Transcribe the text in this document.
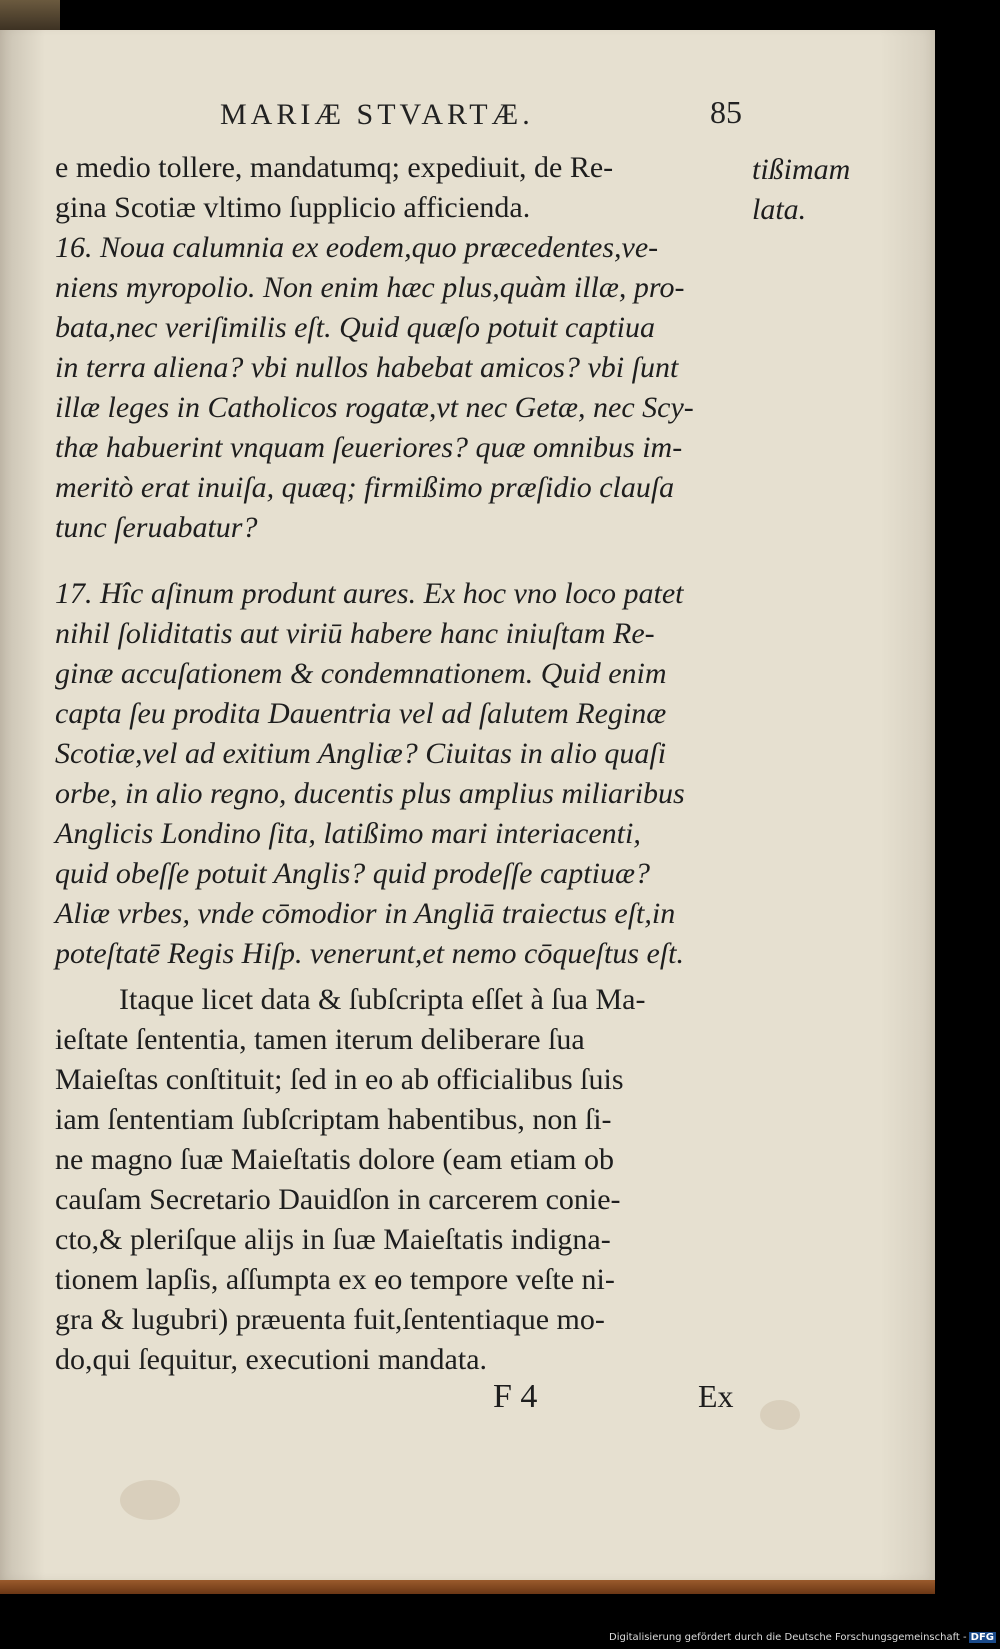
MARIÆ STVARTÆ.	85
tißimam
lata.
e medio tollere, mandatumq; expediuit, de Re-
gina Scotiæ vltimo ſupplicio afficienda.
16. Noua calumnia ex eodem,quo præcedentes,ve-
niens myropolio. Non enim hæc plus,quàm illæ, pro-
bata,nec veriſimilis eſt. Quid quæſo potuit captiua
in terra aliena? vbi nullos habebat amicos? vbi ſunt
illæ leges in Catholicos rogatæ,vt nec Getæ, nec Scy-
thæ habuerint vnquam ſeueriores? quæ omnibus im-
meritò erat inuiſa, quæq; firmißimo præſidio clauſa
tunc ſeruabatur?
17. Hîc aſinum produnt aures. Ex hoc vno loco patet
nihil ſoliditatis aut viriū habere hanc iniuſtam Re-
ginæ accuſationem & condemnationem. Quid enim
capta ſeu prodita Dauentria vel ad ſalutem Reginæ
Scotiæ,vel ad exitium Angliæ? Ciuitas in alio quaſi
orbe, in alio regno, ducentis plus amplius miliaribus
Anglicis Londino ſita, latißimo mari interiacenti,
quid obeſſe potuit Anglis? quid prodeſſe captiuæ?
Aliæ vrbes, vnde cōmodior in Angliā traiectus eſt,in
poteſtatē Regis Hiſp. venerunt,et nemo cōqueſtus eſt.
Itaque licet data & ſubſcripta eſſet à ſua Ma-
ieſtate ſententia, tamen iterum deliberare ſua
Maieſtas conſtituit; ſed in eo ab officialibus ſuis
iam ſententiam ſubſcriptam habentibus, non ſi-
ne magno ſuæ Maieſtatis dolore (eam etiam ob
cauſam Secretario Dauidſon in carcerem conie-
cto,& pleriſque alijs in ſuæ Maieſtatis indigna-
tionem lapſis, aſſumpta ex eo tempore veſte ni-
gra & lugubri) præuenta fuit,ſententiaque mo-
do,qui ſequitur, executioni mandata.
F 4	Ex
Digitalisierung gefördert durch die Deutsche Forschungsgemeinschaft - DFG
